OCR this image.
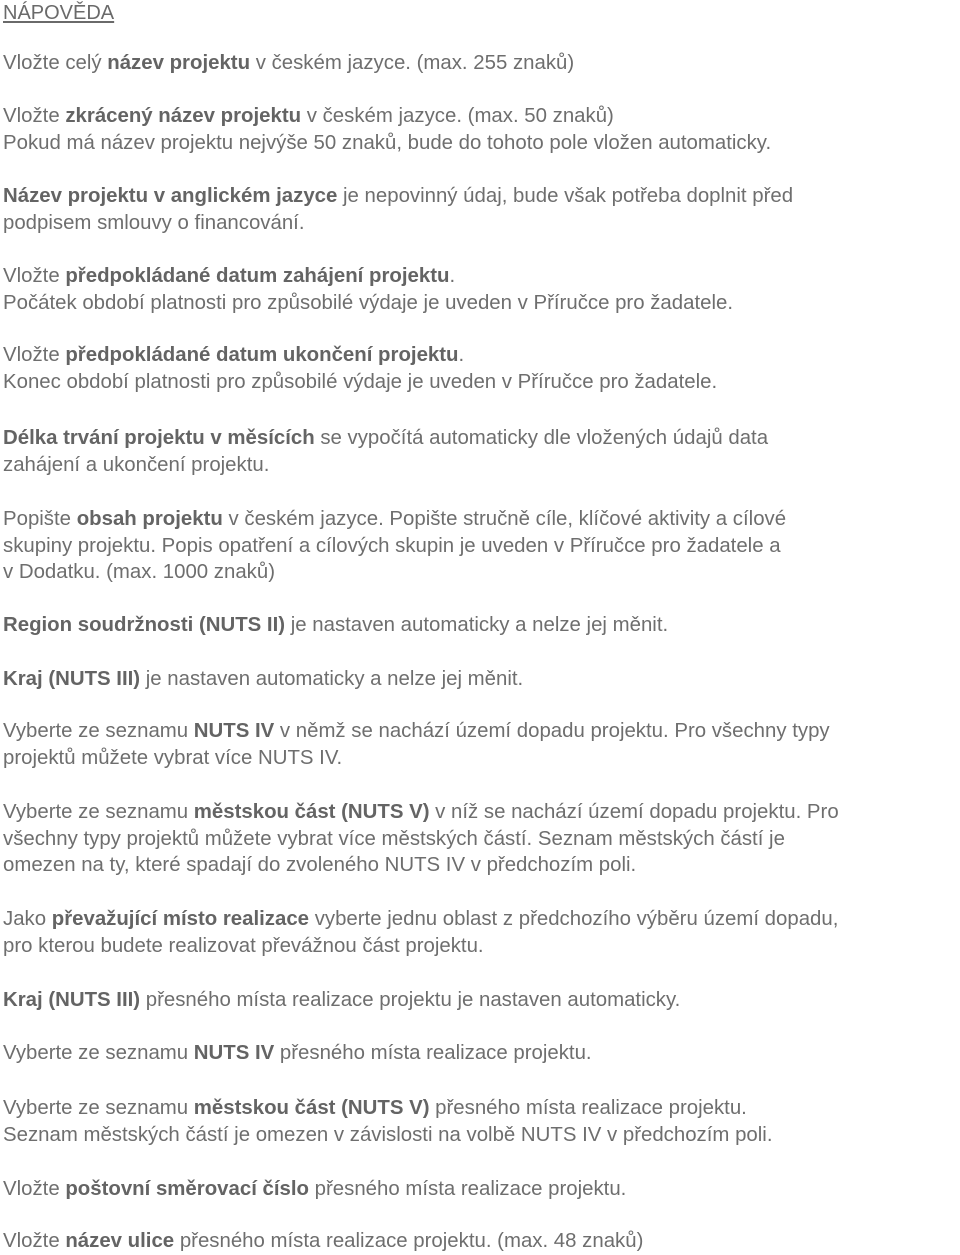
NÁPOVĚDA
Vložte celý název projektu v českém jazyce. (max. 255 znaků)
Vložte zkrácený název projektu v českém jazyce. (max. 50 znaků)
Pokud má název projektu nejvýše 50 znaků, bude do tohoto pole vložen automaticky.
Název projektu v anglickém jazyce je nepovinný údaj, bude však potřeba doplnit před
podpisem smlouvy o financování.
Vložte předpokládané datum zahájení projektu.
Počátek období platnosti pro způsobilé výdaje je uveden v Příručce pro žadatele.
Vložte předpokládané datum ukončení projektu.
Konec období platnosti pro způsobilé výdaje je uveden v Příručce pro žadatele.
Délka trvání projektu v měsících se vypočítá automaticky dle vložených údajů data
zahájení a ukončení projektu.
Popište obsah projektu v českém jazyce. Popište stručně cíle, klíčové aktivity a cílové
skupiny projektu. Popis opatření a cílových skupin je uveden v Příručce pro žadatele a
v Dodatku. (max. 1000 znaků)
Region soudržnosti (NUTS II) je nastaven automaticky a nelze jej měnit.
Kraj (NUTS III) je nastaven automaticky a nelze jej měnit.
Vyberte ze seznamu NUTS IV v němž se nachází území dopadu projektu. Pro všechny typy
projektů můžete vybrat více NUTS IV.
Vyberte ze seznamu městskou část (NUTS V) v níž se nachází území dopadu projektu. Pro
všechny typy projektů můžete vybrat více městských částí. Seznam městských částí je
omezen na ty, které spadají do zvoleného NUTS IV v předchozím poli.
Jako převažující místo realizace vyberte jednu oblast z předchozího výběru území dopadu,
pro kterou budete realizovat převážnou část projektu.
Kraj (NUTS III) přesného místa realizace projektu je nastaven automaticky.
Vyberte ze seznamu NUTS IV přesného místa realizace projektu.
Vyberte ze seznamu městskou část (NUTS V) přesného místa realizace projektu.
Seznam městských částí je omezen v závislosti na volbě NUTS IV v předchozím poli.
Vložte poštovní směrovací číslo přesného místa realizace projektu.
Vložte název ulice přesného místa realizace projektu. (max. 48 znaků)
